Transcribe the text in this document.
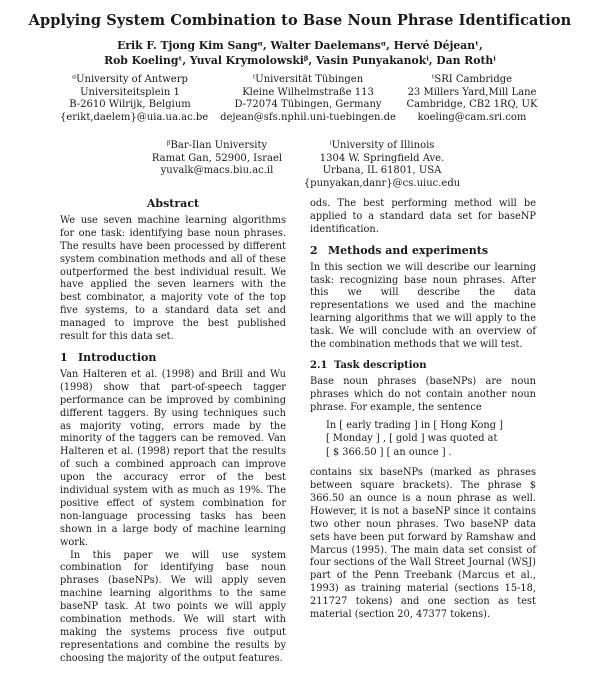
Applying System Combination to Base Noun Phrase Identification
Erik F. Tjong Kim Sangᵅ, Walter Daelemansᵅ, Hervé Déjeanᵗ,
Rob Koelingᵗ, Yuval Krymolowskiᵝ, Vasin Punyakanokⁱ, Dan Rothⁱ
ᵅUniversity of Antwerp
Universiteitsplein 1
B-2610 Wilrijk, Belgium
{erikt,daelem}@uia.ua.ac.be
ᵗUniversität Tübingen
Kleine Wilhelmstraße 113
D-72074 Tübingen, Germany
dejean@sfs.nphil.uni-tuebingen.de
ᵗSRI Cambridge
23 Millers Yard,Mill Lane
Cambridge, CB2 1RQ, UK
koeling@cam.sri.com
ᵝBar-Ilan University
Ramat Gan, 52900, Israel
yuvalk@macs.biu.ac.il
ⁱUniversity of Illinois
1304 W. Springfield Ave.
Urbana, IL 61801, USA
{punyakan,danr}@cs.uiuc.edu
Abstract

We use seven machine learning algorithms for one task: identifying base noun phrases. The results have been processed by different system combination methods and all of these outperformed the best individual result. We have applied the seven learners with the best combinator, a majority vote of the top five systems, to a standard data set and managed to improve the best published result for this data set.

1 Introduction

Van Halteren et al. (1998) and Brill and Wu (1998) show that part-of-speech tagger performance can be improved by combining different taggers. By using techniques such as majority voting, errors made by the minority of the taggers can be removed. Van Halteren et al. (1998) report that the results of such a combined approach can improve upon the accuracy error of the best individual system with as much as 19%. The positive effect of system combination for non-language processing tasks has been shown in a large body of machine learning work.

In this paper we will use system combination for identifying base noun phrases (baseNPs). We will apply seven machine learning algorithms to the same baseNP task. At two points we will apply combination methods. We will start with making the systems process five output representations and combine the results by choosing the majority of the output features.

ods. The best performing method will be applied to a standard data set for baseNP identification.

2 Methods and experiments

In this section we will describe our learning task: recognizing base noun phrases. After this we will describe the data representations we used and the machine learning algorithms that we will apply to the task. We will conclude with an overview of the combination methods that we will test.

2.1 Task description

Base noun phrases (baseNPs) are noun phrases which do not contain another noun phrase. For example, the sentence

In [ early trading ] in [ Hong Kong ]
[ Monday ] , [ gold ] was quoted at
[ $ 366.50 ] [ an ounce ] .

contains six baseNPs (marked as phrases between square brackets). The phrase $ 366.50 an ounce is a noun phrase as well. However, it is not a baseNP since it contains two other noun phrases. Two baseNP data sets have been put forward by Ramshaw and Marcus (1995). The main data set consist of four sections of the Wall Street Journal (WSJ) part of the Penn Treebank (Marcus et al., 1993) as training material (sections 15-18, 211727 tokens) and one section as test material (section 20, 47377 tokens).
